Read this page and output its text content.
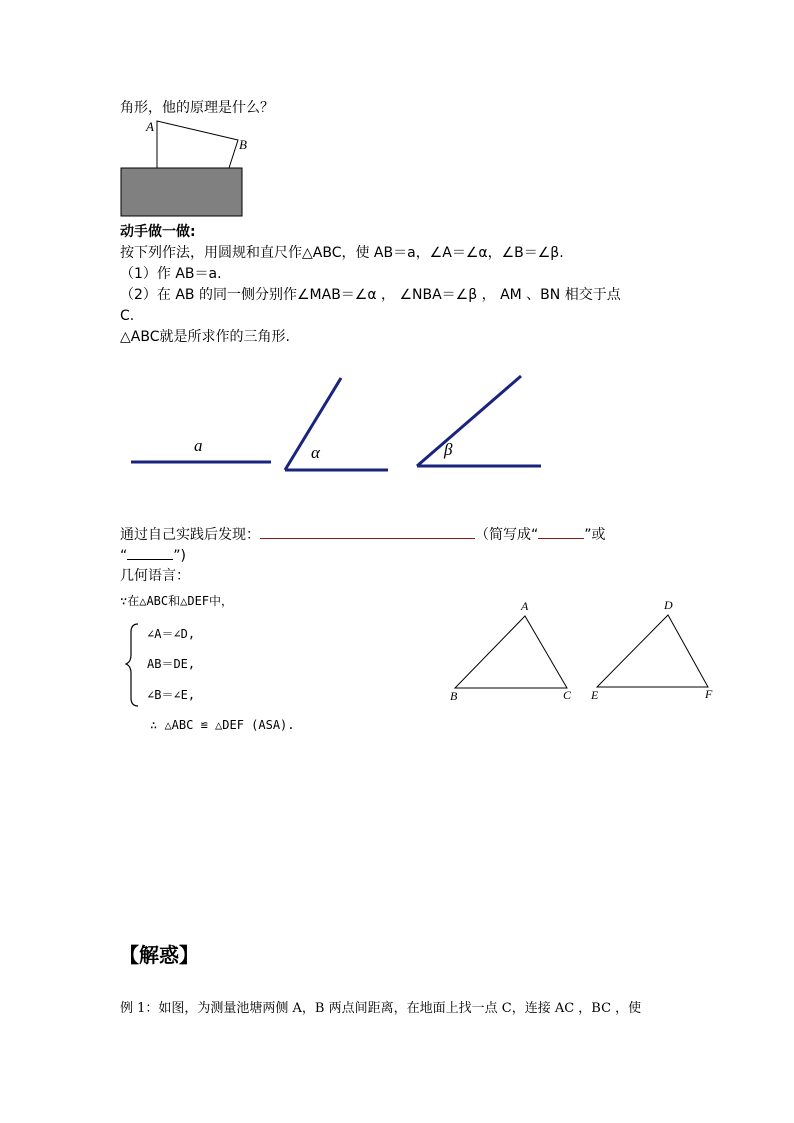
角形，他的原理是什么？
A
B
动手做一做:
按下列作法，用圆规和直尺作△ABC，使 AB＝a，∠A＝∠α，∠B＝∠β.
（1）作 AB＝a.
（2）在 AB 的同一侧分别作∠MAB＝∠α ， ∠NBA＝∠β ， AM 、BN 相交于点
C.
△ABC就是所求作的三角形.
a	α	β
通过自己实践后发现：	（简写成“	”或
“	”)
几何语言：
∵在△ABC和△DEF中，
∠A＝∠D,
AB＝DE,
∠B＝∠E,
∴ △ABC ≌ △DEF (ASA).
A
B	C
D
E	F
【解惑】
例 1：如图，为测量池塘两侧 A，B 两点间距离，在地面上找一点 C，连接 AC ，BC ，使
